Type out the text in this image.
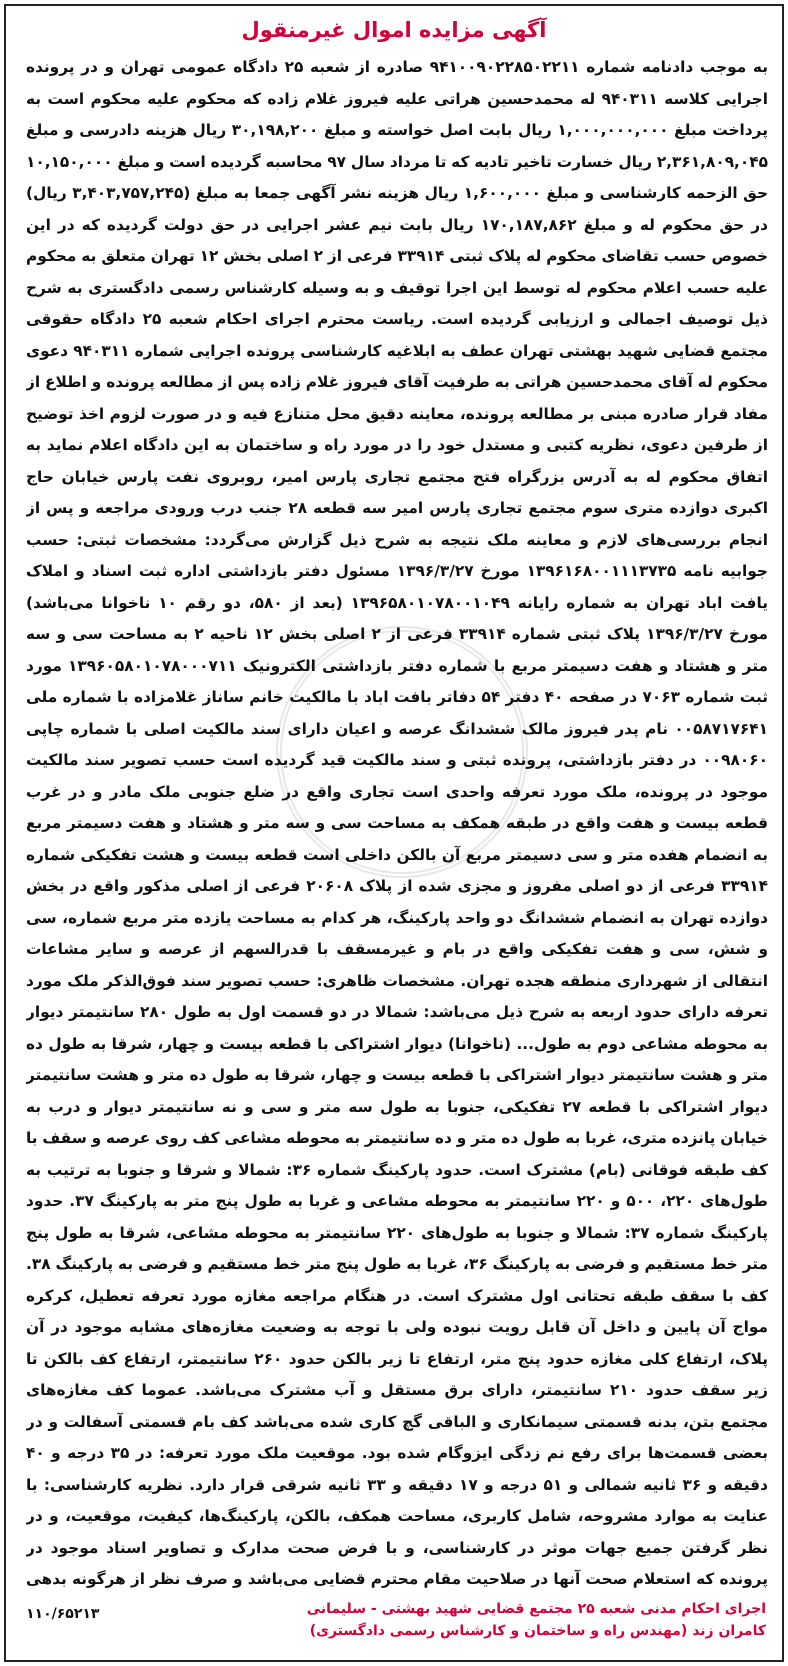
آگهی مزایده اموال غیرمنقول
به موجب دادنامه شماره ۹۴۱۰۰۹۰۲۲۸۵۰۲۲۱۱ صادره از شعبه ۲۵ دادگاه عمومی تهران و در پرونده اجرایی کلاسه ۹۴۰۳۱۱ له محمدحسین هراتی علیه فیروز غلام زاده که محکوم علیه محکوم است به پرداخت مبلغ ۱,۰۰۰,۰۰۰,۰۰۰ ریال بابت اصل خواسته و مبلغ ۳۰,۱۹۸,۲۰۰ ریال هزینه دادرسی و مبلغ ۲,۳۶۱,۸۰۹,۰۴۵ ریال خسارت تاخیر تادیه که تا مرداد سال ۹۷ محاسبه گردیده است و مبلغ ۱۰,۱۵۰,۰۰۰ حق الزحمه کارشناسی و مبلغ ۱,۶۰۰,۰۰۰ ریال هزینه نشر آگهی جمعا به مبلغ (۳,۴۰۳,۷۵۷,۲۴۵ ریال) در حق محکوم له و مبلغ ۱۷۰,۱۸۷,۸۶۲ ریال بابت نیم عشر اجرایی در حق دولت گردیده که در این خصوص حسب تقاضای محکوم له پلاک ثبتی ۳۳۹۱۴ فرعی از ۲ اصلی بخش ۱۲ تهران متعلق به محکوم علیه حسب اعلام محکوم له توسط این اجرا توقیف و به وسیله کارشناس رسمی دادگستری به شرح ذیل توصیف اجمالی و ارزیابی گردیده است. ریاست محترم اجرای احکام شعبه ۲۵ دادگاه حقوقی مجتمع قضایی شهید بهشتی تهران عطف به ابلاغیه کارشناسی پرونده اجرایی شماره ۹۴۰۳۱۱ دعوی محکوم له آقای محمدحسین هراتی به طرفیت آقای فیروز غلام زاده پس از مطالعه پرونده و اطلاع از مفاد قرار صادره مبنی بر مطالعه پرونده، معاینه دقیق محل متنازع فیه و در صورت لزوم اخذ توضیح از طرفین دعوی، نظریه کتبی و مستدل خود را در مورد راه و ساختمان به این دادگاه اعلام نماید به اتفاق محکوم له به آدرس بزرگراه فتح مجتمع تجاری پارس امیر، روبروی نفت پارس خیابان حاج اکبری دوازده متری سوم مجتمع تجاری پارس امیر سه قطعه ۲۸ جنب درب ورودی مراجعه و پس از انجام بررسی‌های لازم و معاینه ملک نتیجه به شرح ذیل گزارش می‌گردد: مشخصات ثبتی: حسب جوابیه نامه ۱۳۹۶۱۶۸۰۰۱۱۱۳۷۳۵ مورخ ۱۳۹۶/۳/۲۷ مسئول دفتر بازداشتی اداره ثبت اسناد و املاک یافت اباد تهران به شماره رایانه ۱۳۹۶۵۸۰۱۰۷۸۰۰۱۰۴۹ (بعد از ۵۸۰، دو رقم ۱۰ ناخوانا می‌باشد) مورخ ۱۳۹۶/۳/۲۷ پلاک ثبتی شماره ۳۳۹۱۴ فرعی از ۲ اصلی بخش ۱۲ ناحیه ۲ به مساحت سی و سه متر و هشتاد و هفت دسیمتر مربع با شماره دفتر بازداشتی الکترونیک ۱۳۹۶۰۵۸۰۱۰۷۸۰۰۰۷۱۱ مورد ثبت شماره ۷۰۶۳ در صفحه ۴۰ دفتر ۵۴ دفاتر بافت اباد با مالکیت خانم ساناز غلامزاده با شماره ملی ۰۰۵۸۷۱۷۶۴۱ نام پدر فیروز مالک ششدانگ عرصه و اعیان دارای سند مالکیت اصلی با شماره چاپی ۰۰۹۸۰۶۰ در دفتر بازداشتی، پرونده ثبتی و سند مالکیت قید گردیده است حسب تصویر سند مالکیت موجود در پرونده، ملک مورد تعرفه واحدی است تجاری واقع در ضلع جنوبی ملک مادر و در غرب قطعه بیست و هفت واقع در طبقه همکف به مساحت سی و سه متر و هشتاد و هفت دسیمتر مربع به انضمام هفده متر و سی دسیمتر مربع آن بالکن داخلی است قطعه بیست و هشت تفکیکی شماره ۳۳۹۱۴ فرعی از دو اصلی مفروز و مجزی شده از پلاک ۲۰۶۰۸ فرعی از اصلی مذکور واقع در بخش دوازده تهران به انضمام ششدانگ دو واحد پارکینگ، هر کدام به مساحت یازده متر مربع شماره، سی و شش، سی و هفت تفکیکی واقع در بام و غیرمسقف با قدرالسهم از عرصه و سایر مشاعات انتقالی از شهرداری منطقه هجده تهران. مشخصات ظاهری: حسب تصویر سند فوق‌الذکر ملک مورد تعرفه دارای حدود اربعه به شرح ذیل می‌باشد: شمالا در دو قسمت اول به طول ۲۸۰ سانتیمتر دیوار به محوطه مشاعی دوم به طول... (ناخوانا) دیوار اشتراکی با قطعه بیست و چهار، شرقا به طول ده متر و هشت سانتیمتر دیوار اشتراکی با قطعه بیست و چهار، شرقا به طول ده متر و هشت سانتیمتر دیوار اشتراکی با قطعه ۲۷ تفکیکی، جنوبا به طول سه متر و سی و نه سانتیمتر دیوار و درب به خیابان پانزده متری، غربا به طول ده متر و ده سانتیمتر به محوطه مشاعی کف روی عرصه و سقف با کف طبقه فوقانی (بام) مشترک است. حدود پارکینگ شماره ۳۶: شمالا و شرقا و جنوبا به ترتیب به طول‌های ۲۲۰، ۵۰۰ و ۲۲۰ سانتیمتر به محوطه مشاعی و غربا به طول پنج متر به پارکینگ ۳۷. حدود پارکینگ شماره ۳۷: شمالا و جنوبا به طول‌های ۲۲۰ سانتیمتر به محوطه مشاعی، شرقا به طول پنج متر خط مستقیم و فرضی به پارکینگ ۳۶، غربا به طول پنج متر خط مستقیم و فرضی به پارکینگ ۳۸. کف با سقف طبقه تحتانی اول مشترک است. در هنگام مراجعه مغازه مورد تعرفه تعطیل، کرکره مواج آن پایین و داخل آن قابل رویت نبوده ولی با توجه به وضعیت مغازه‌های مشابه موجود در آن پلاک، ارتفاع کلی مغازه حدود پنج متر، ارتفاع تا زیر بالکن حدود ۲۶۰ سانتیمتر، ارتفاع کف بالکن تا زیر سقف حدود ۲۱۰ سانتیمتر، دارای برق مستقل و آب مشترک می‌باشد. عموما کف مغازه‌های مجتمع بتن، بدنه قسمتی سیمانکاری و الباقی گچ کاری شده می‌باشد کف بام قسمتی آسفالت و در بعضی قسمت‌ها برای رفع نم زدگی ایزوگام شده بود. موقعیت ملک مورد تعرفه: در ۳۵ درجه و ۴۰ دقیقه و ۳۶ ثانیه شمالی و ۵۱ درجه و ۱۷ دقیقه و ۳۳ ثانیه شرقی قرار دارد. نظریه کارشناسی: با عنایت به موارد مشروحه، شامل کاربری، مساحت همکف، بالکن، پارکینگ‌ها، کیفیت، موقعیت، و در نظر گرفتن جمیع جهات موثر در کارشناسی، و با فرض صحت مدارک و تصاویر اسناد موجود در پرونده که استعلام صحت آنها در صلاحیت مقام محترم قضایی می‌باشد و صرف نظر از هرگونه بدهی
اجرای احکام مدنی شعبه ۲۵ مجتمع قضایی شهید بهشتی - سلیمانی
کامران زند (مهندس راه و ساختمان و کارشناس رسمی دادگستری)
۱۱۰/۶۵۲۱۳
